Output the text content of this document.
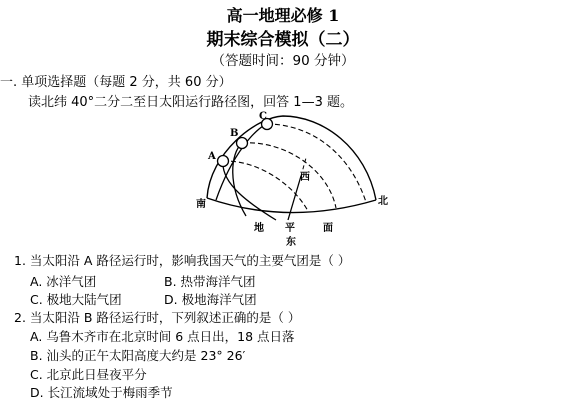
高一地理必修 1
期末综合模拟（二）
（答题时间：90 分钟）
一. 单项选择题（每题 2 分，共 60 分）
读北纬 40°二分二至日太阳运行路径图，回答 1—3 题。
C
B
A
南	北
西
地 平	面
东
1. 当太阳沿 A 路径运行时，影响我国天气的主要气团是（ ）
A. 冰洋气团	B. 热带海洋气团
C. 极地大陆气团	D. 极地海洋气团
2. 当太阳沿 B 路径运行时，下列叙述正确的是（ ）
A. 乌鲁木齐市在北京时间 6 点日出，18 点日落
B. 汕头的正午太阳高度大约是 23° 26′
C. 北京此日昼夜平分
D. 长江流域处于梅雨季节
